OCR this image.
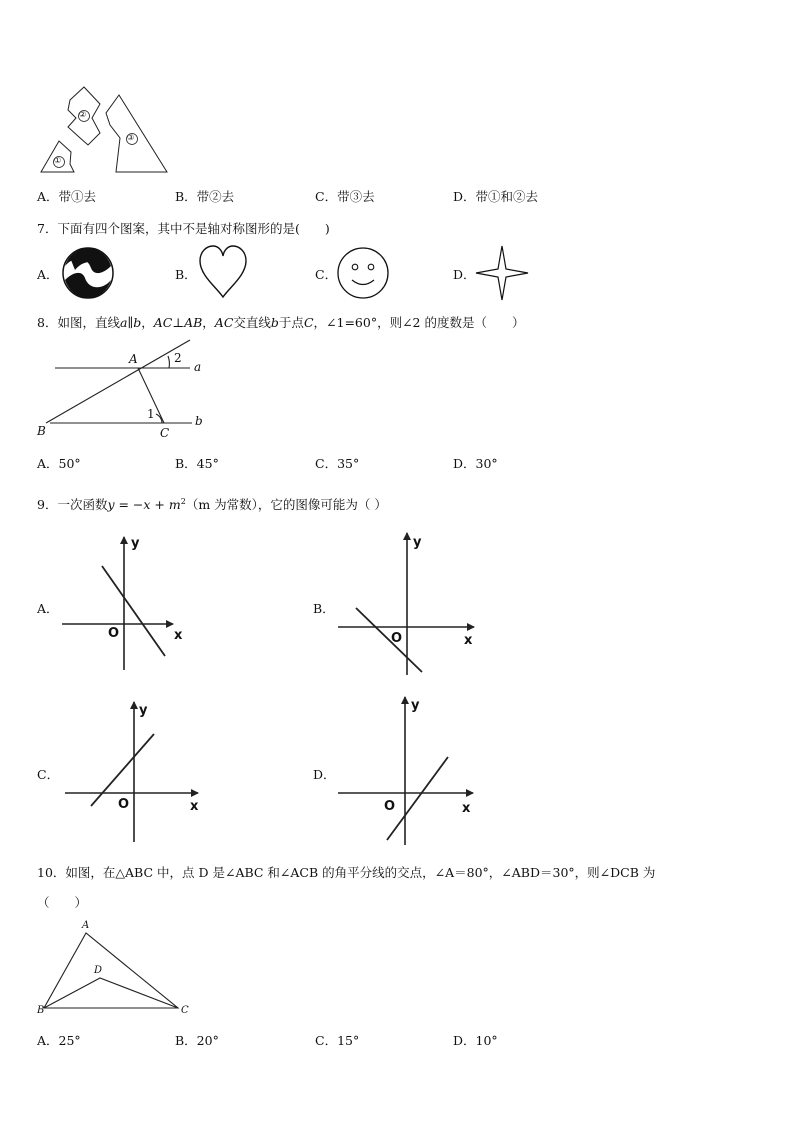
②
③
①
A．带①去	B．带②去	C．带③去	D．带①和②去
7．下面有四个图案，其中不是轴对称图形的是(　　)
A．	B．	C．	D．
8．如图，直线a∥b，AC⊥AB，AC交直线b于点C，∠1=60°，则∠2 的度数是（　　）
A	2
a
1	b
B	C
A．50°	B．45°	C．35°	D．30°
9．一次函数$y = -x + m^2(m$ 为常数），它的图像可能为（ ）
A．
y
O	x
B．
y
O	x
C．
y
O	x
D．
y
O	x
10．如图，在△ABC 中，点 D 是∠ABC 和∠ACB 的角平分线的交点，∠A＝80°，∠ABD＝30°，则∠DCB 为
（　　）
A
D
B	C
A．25°	B．20°	C．15°	D．10°
